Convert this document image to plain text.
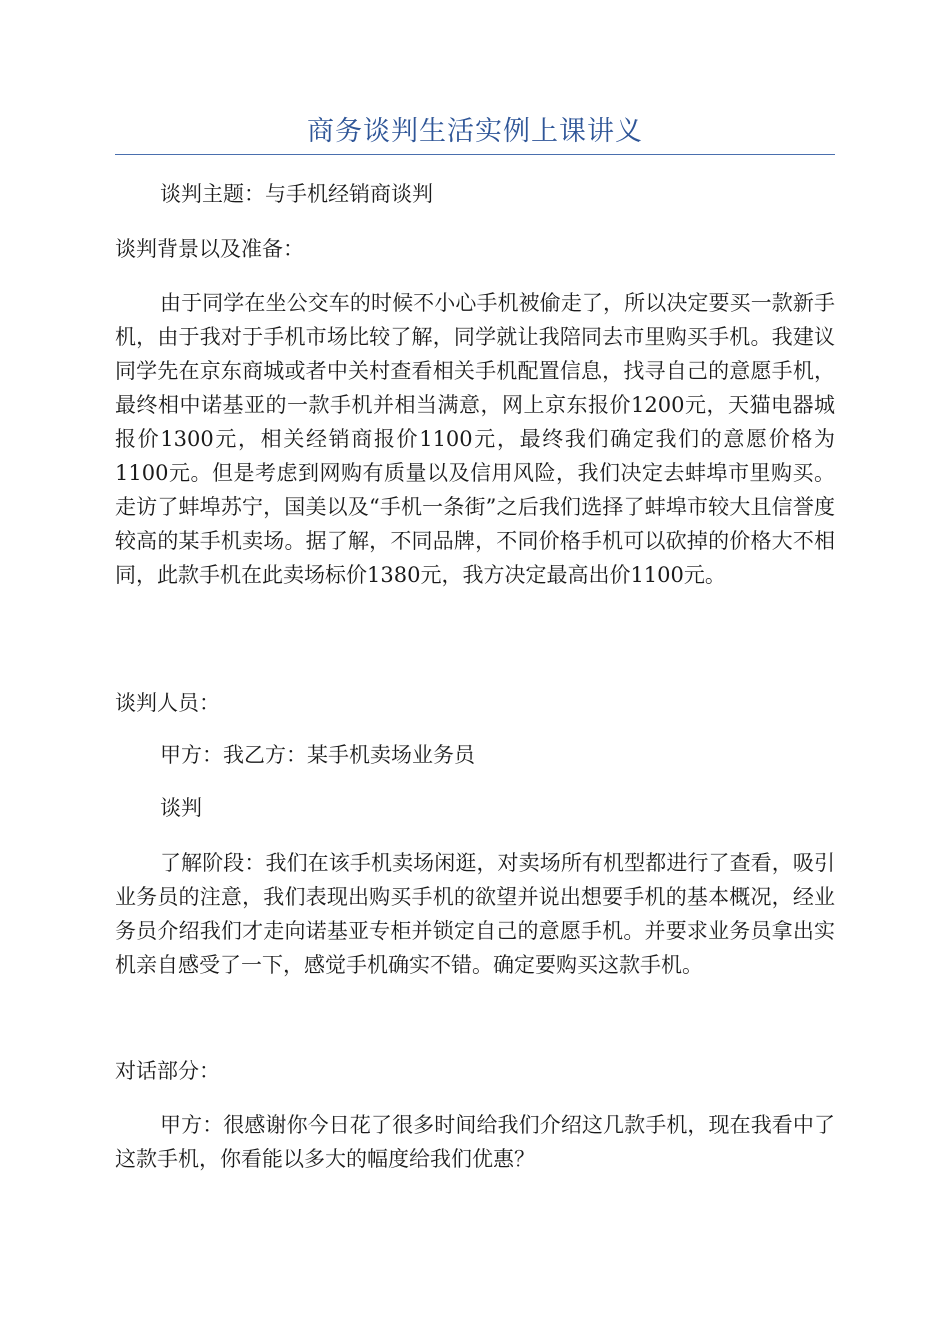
商务谈判生活实例上课讲义

谈判主题：与手机经销商谈判

谈判背景以及准备：

由于同学在坐公交车的时候不小心手机被偷走了，所以决定要买一款新手机，由于我对于手机市场比较了解，同学就让我陪同去市里购买手机。我建议同学先在京东商城或者中关村查看相关手机配置信息，找寻自己的意愿手机，最终相中诺基亚的一款手机并相当满意，网上京东报价1200元，天猫电器城报价1300元，相关经销商报价1100元，最终我们确定我们的意愿价格为1100元。但是考虑到网购有质量以及信用风险，我们决定去蚌埠市里购买。走访了蚌埠苏宁，国美以及“手机一条街”之后我们选择了蚌埠市较大且信誉度较高的某手机卖场。据了解，不同品牌，不同价格手机可以砍掉的价格大不相同，此款手机在此卖场标价1380元，我方决定最高出价1100元。

谈判人员：

甲方：我乙方：某手机卖场业务员

谈判

了解阶段：我们在该手机卖场闲逛，对卖场所有机型都进行了查看，吸引业务员的注意，我们表现出购买手机的欲望并说出想要手机的基本概况，经业务员介绍我们才走向诺基亚专柜并锁定自己的意愿手机。并要求业务员拿出实机亲自感受了一下，感觉手机确实不错。确定要购买这款手机。

对话部分：

甲方：很感谢你今日花了很多时间给我们介绍这几款手机，现在我看中了这款手机，你看能以多大的幅度给我们优惠？
